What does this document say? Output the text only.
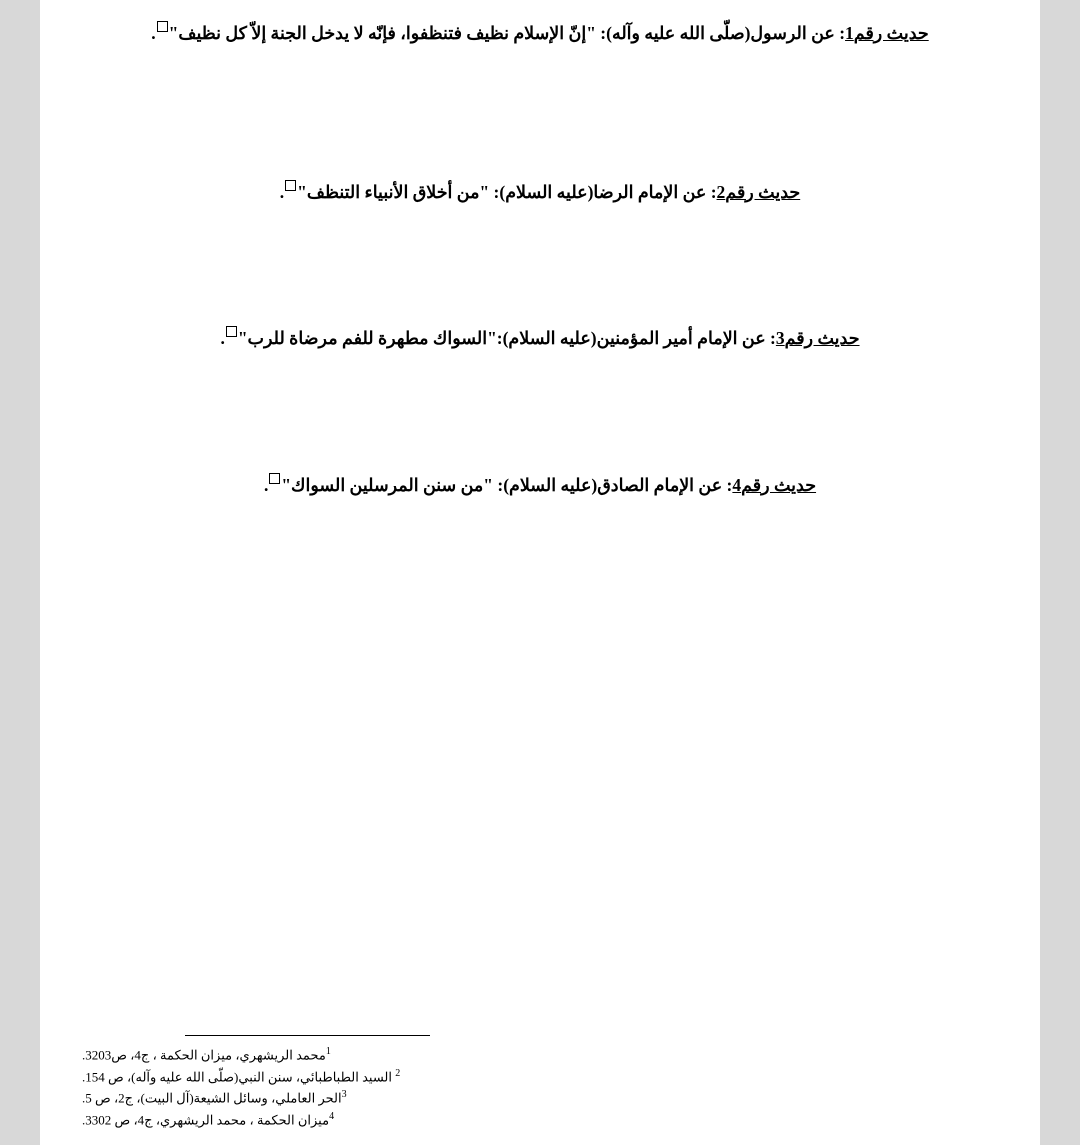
حديث رقم1: عن الرسول(صلّى الله عليه وآله): "إنّ الإسلام نظيف فتنظفوا، فإنّه لا يدخل الجنة إلاّ كل نظيف".

حديث رقم2: عن الإمام الرضا(عليه السلام): "من أخلاق الأنبياء التنظف".

حديث رقم3: عن الإمام أمير المؤمنين(عليه السلام):"السواك مطهرة للفم مرضاة للرب".

حديث رقم4: عن الإمام الصادق(عليه السلام): "من سنن المرسلين السواك".

$^1$محمد الريشهري، ميزان الحكمة ، ج4، ص3203.
$^2$ السيد الطباطبائي، سنن النبي(صلّى الله عليه وآله)، ص 154.
$^3$الحر العاملي، وسائل الشيعة(آل البيت)، ج2، ص 5.
$^4$ميزان الحكمة ، محمد الريشهري، ج4، ص 3302.
